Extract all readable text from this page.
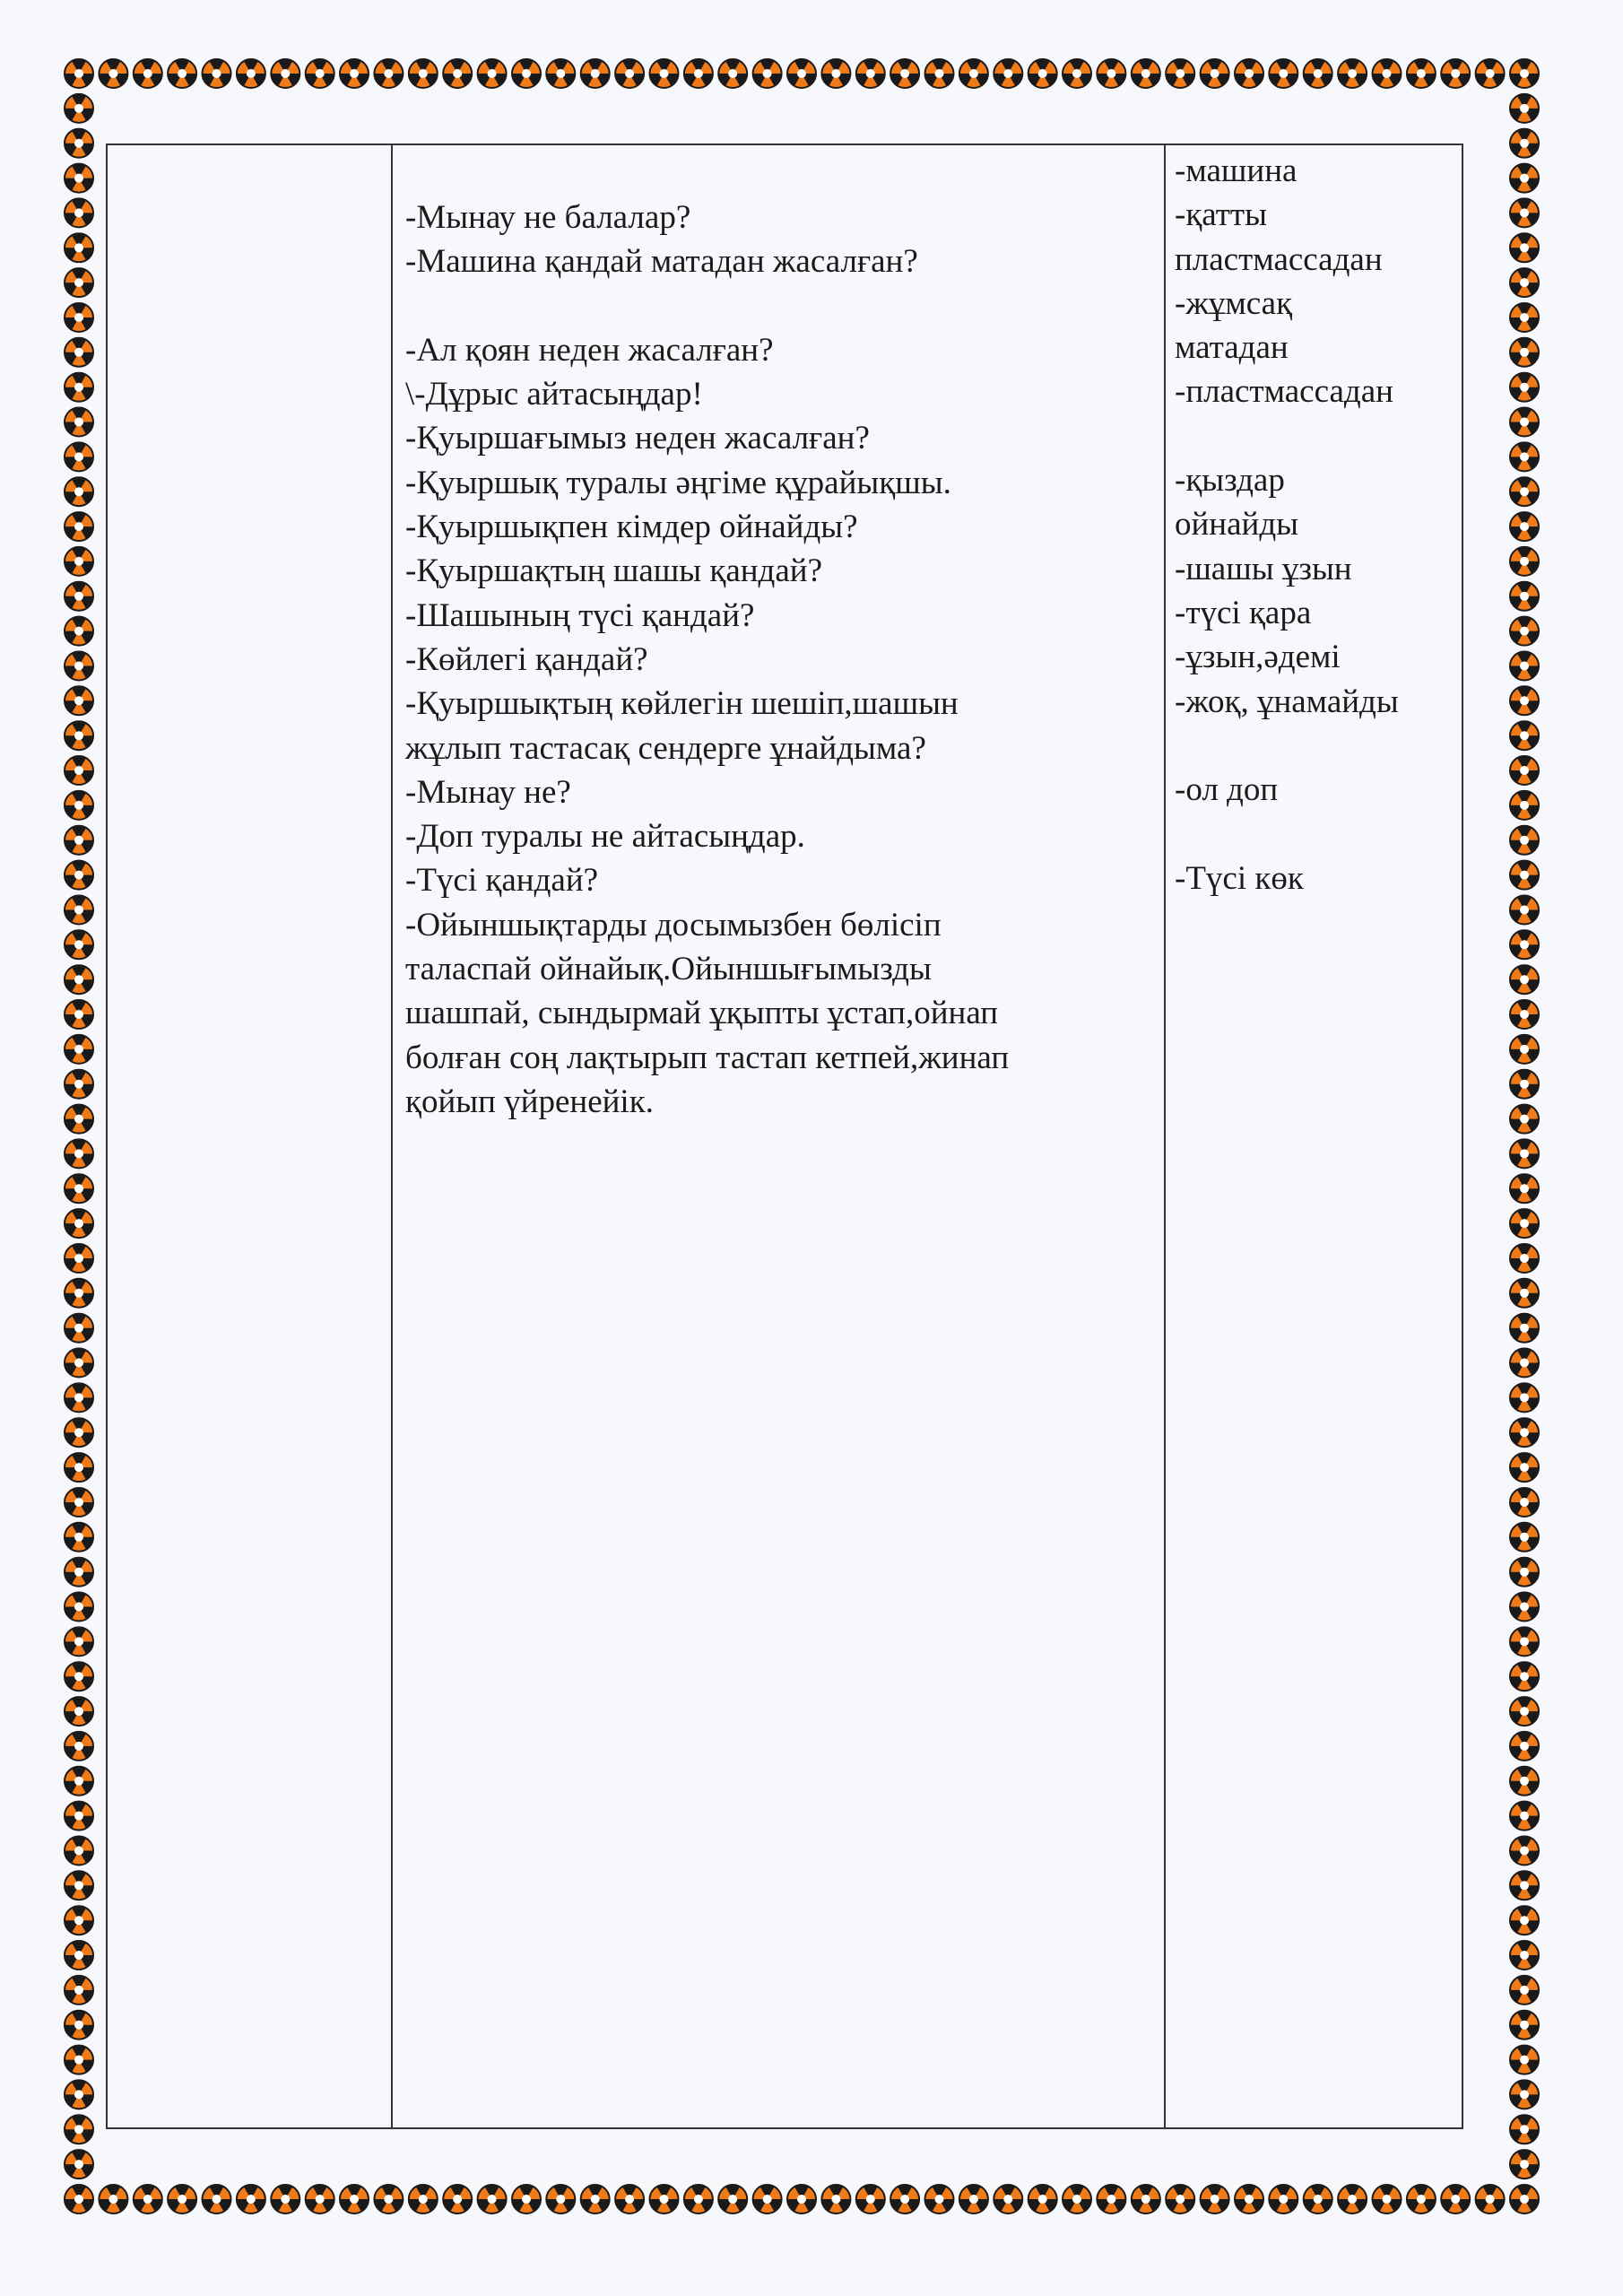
-Мынау не балалар?
-Машина қандай матадан жасалған?
-Ал қоян неден жасалған?
\-Дұрыс айтасыңдар!
-Қуыршағымыз неден жасалған?
-Қуыршық туралы әңгіме құрайықшы.
-Қуыршықпен кімдер ойнайды?
-Қуыршақтың шашы қандай?
-Шашының түсі қандай?
-Көйлегі қандай?
-Қуыршықтың көйлегін шешіп,шашын
жұлып тастасақ сендерге ұнайдыма?
-Мынау не?
-Доп туралы не айтасыңдар.
-Түсі қандай?
-Ойыншықтарды досымызбен бөлісіп
таласпай ойнайық.Ойыншығымызды
шашпай, сындырмай ұқыпты ұстап,ойнап
болған соң лақтырып тастап кетпей,жинап
қойып үйренейік.
-машина
-қатты
пластмассадан
-жұмсақ
матадан
-пластмассадан
-қыздар
ойнайды
-шашы ұзын
-түсі қара
-ұзын,әдемі
-жоқ, ұнамайды
-ол доп
-Түсі көк
